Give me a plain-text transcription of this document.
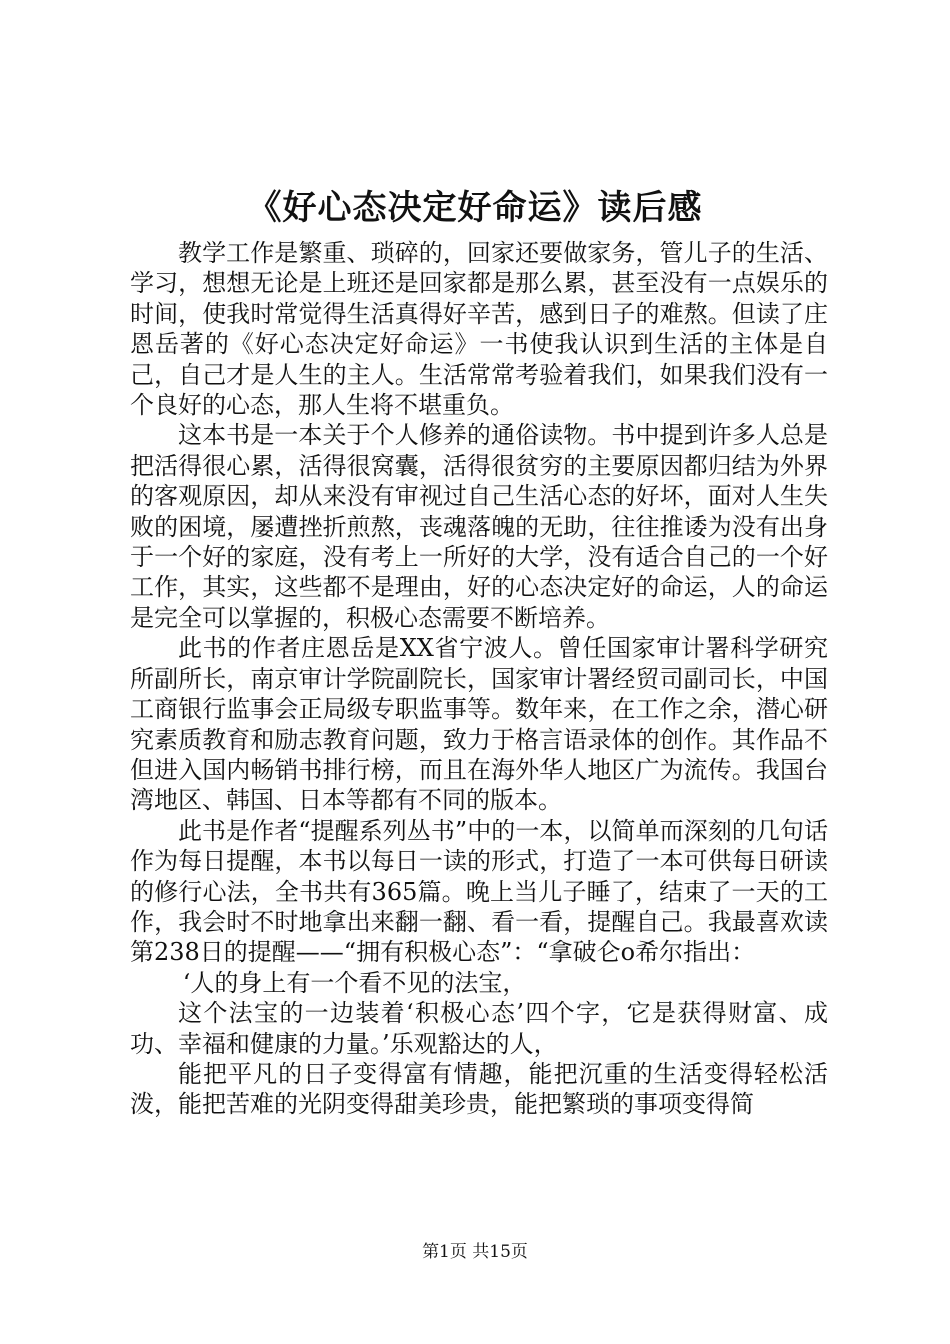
《好心态决定好命运》读后感

教学工作是繁重、琐碎的，回家还要做家务，管儿子的生活、学习，想想无论是上班还是回家都是那么累，甚至没有一点娱乐的时间，使我时常觉得生活真得好辛苦，感到日子的难熬。但读了庄恩岳著的《好心态决定好命运》一书使我认识到生活的主体是自己，自己才是人生的主人。生活常常考验着我们，如果我们没有一个良好的心态，那人生将不堪重负。

这本书是一本关于个人修养的通俗读物。书中提到许多人总是把活得很心累，活得很窝囊，活得很贫穷的主要原因都归结为外界的客观原因，却从来没有审视过自己生活心态的好坏，面对人生失败的困境，屡遭挫折煎熬，丧魂落魄的无助，往往推诿为没有出身于一个好的家庭，没有考上一所好的大学，没有适合自己的一个好工作，其实，这些都不是理由，好的心态决定好的命运，人的命运是完全可以掌握的，积极心态需要不断培养。

此书的作者庄恩岳是XX省宁波人。曾任国家审计署科学研究所副所长，南京审计学院副院长，国家审计署经贸司副司长，中国工商银行监事会正局级专职监事等。数年来，在工作之余，潜心研究素质教育和励志教育问题，致力于格言语录体的创作。其作品不但进入国内畅销书排行榜，而且在海外华人地区广为流传。我国台湾地区、韩国、日本等都有不同的版本。

此书是作者“提醒系列丛书”中的一本，以简单而深刻的几句话作为每日提醒，本书以每日一读的形式，打造了一本可供每日研读的修行心法，全书共有365篇。晚上当儿子睡了，结束了一天的工作，我会时不时地拿出来翻一翻、看一看，提醒自己。我最喜欢读第238日的提醒——“拥有积极心态”：“拿破仑o希尔指出：

‘人的身上有一个看不见的法宝，

这个法宝的一边装着‘积极心态’四个字，它是获得财富、成功、幸福和健康的力量。’乐观豁达的人，

能把平凡的日子变得富有情趣，能把沉重的生活变得轻松活泼，能把苦难的光阴变得甜美珍贵，能把繁琐的事项变得简

第1页 共15页
